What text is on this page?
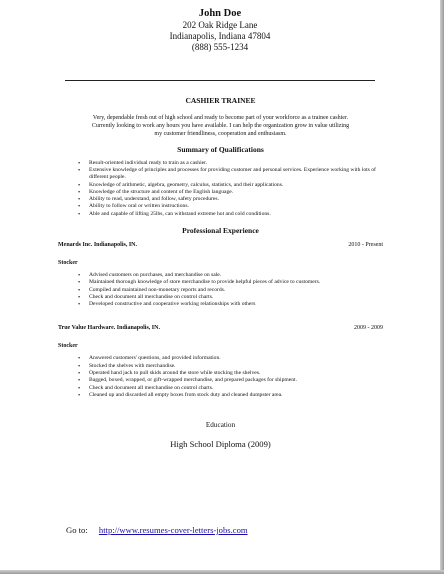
John Doe
202 Oak Ridge Lane
Indianapolis, Indiana 47804
(888) 555-1234
CASHIER TRAINEE
Very, dependable fresh out of high school and ready to become part of your workforce as a trainee cashier.
Currently looking to work any hours you have available. I can help the organization grow in value utilizing
my customer friendliness, cooperation and enthusiasm.
Summary of Qualifications
• Result-oriented individual ready to train as a cashier.
• Extensive knowledge of principles and processes for providing customer and personal services. Experience working with lots of different people.
• Knowledge of arithmetic, algebra, geometry, calculus, statistics, and their applications.
• Knowledge of the structure and content of the English language.
• Ability to read, understand, and follow, safety procedures.
• Ability to follow oral or written instructions.
• Able and capable of lifting 25lbs, can withstand extreme hot and cold conditions.
Professional Experience
Menards Inc. Indianapolis, IN.	2010 - Present
Stocker
• Advised customers on purchases, and merchandise on sale.
• Maintained thorough knowledge of store merchandise to provide helpful pieces of advice to customers.
• Compiled and maintained non-monetary reports and records.
• Check and document all merchandise on control charts.
• Developed constructive and cooperative working relationships with others
True Value Hardware. Indianapolis, IN.	2009 - 2009
Stocker
• Answered customers' questions, and provided information.
• Stocked the shelves with merchandise.
• Operated hand jack to pull skids around the store while stocking the shelves.
• Bagged, boxed, wrapped, or gift-wrapped merchandise, and prepared packages for shipment.
• Check and document all merchandise on control charts.
• Cleaned up and discarded all empty boxes from stock duty and cleaned dumpster area.
Education
High School Diploma (2009)
Go to: http://www.resumes-cover-letters-jobs.com
